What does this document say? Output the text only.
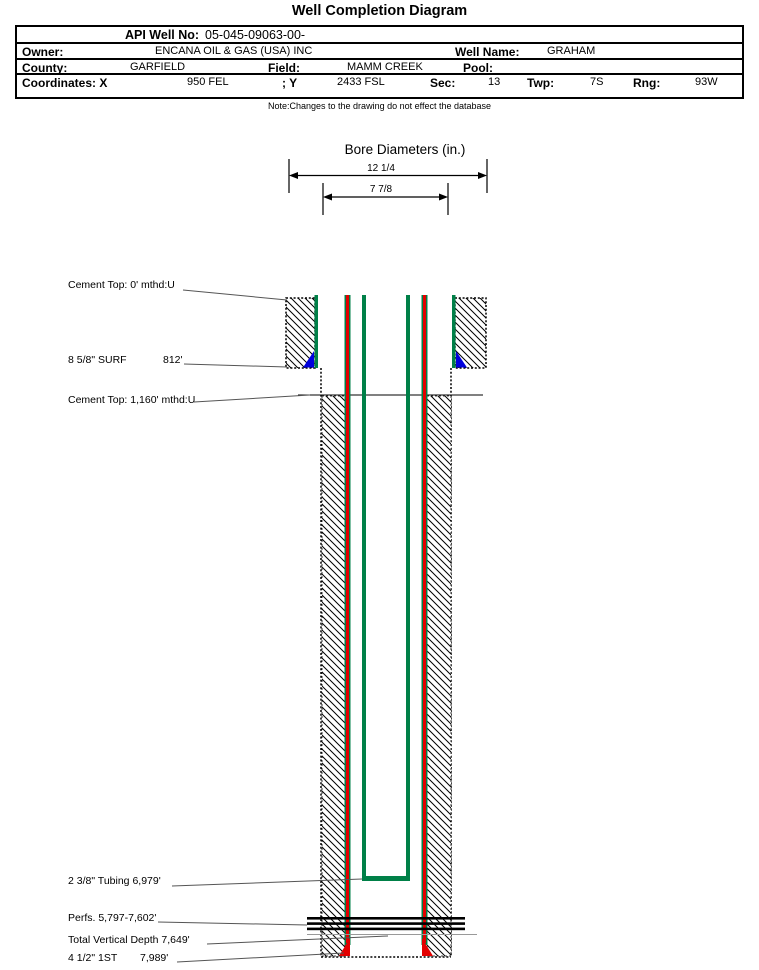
Well Completion Diagram
API Well No: 05-045-09063-00-
Owner:	ENCANA OIL & GAS (USA) INC	Well Name:	GRAHAM
County:	GARFIELD	Field:	MAMM CREEK	Pool:
Coordinates: X	950 FEL	; Y	2433 FSL	Sec:	13 Twp:	7S Rng:	93W
Note:Changes to the drawing do not effect the database
Bore Diameters (in.)
12 1/4
7 7/8
Cement Top: 0' mthd:U
8 5/8" SURF	812'
Cement Top: 1,160' mthd:U
2 3/8" Tubing 6,979'
Perfs. 5,797-7,602'
Total Vertical Depth 7,649'
4 1/2" 1ST 7,989'
